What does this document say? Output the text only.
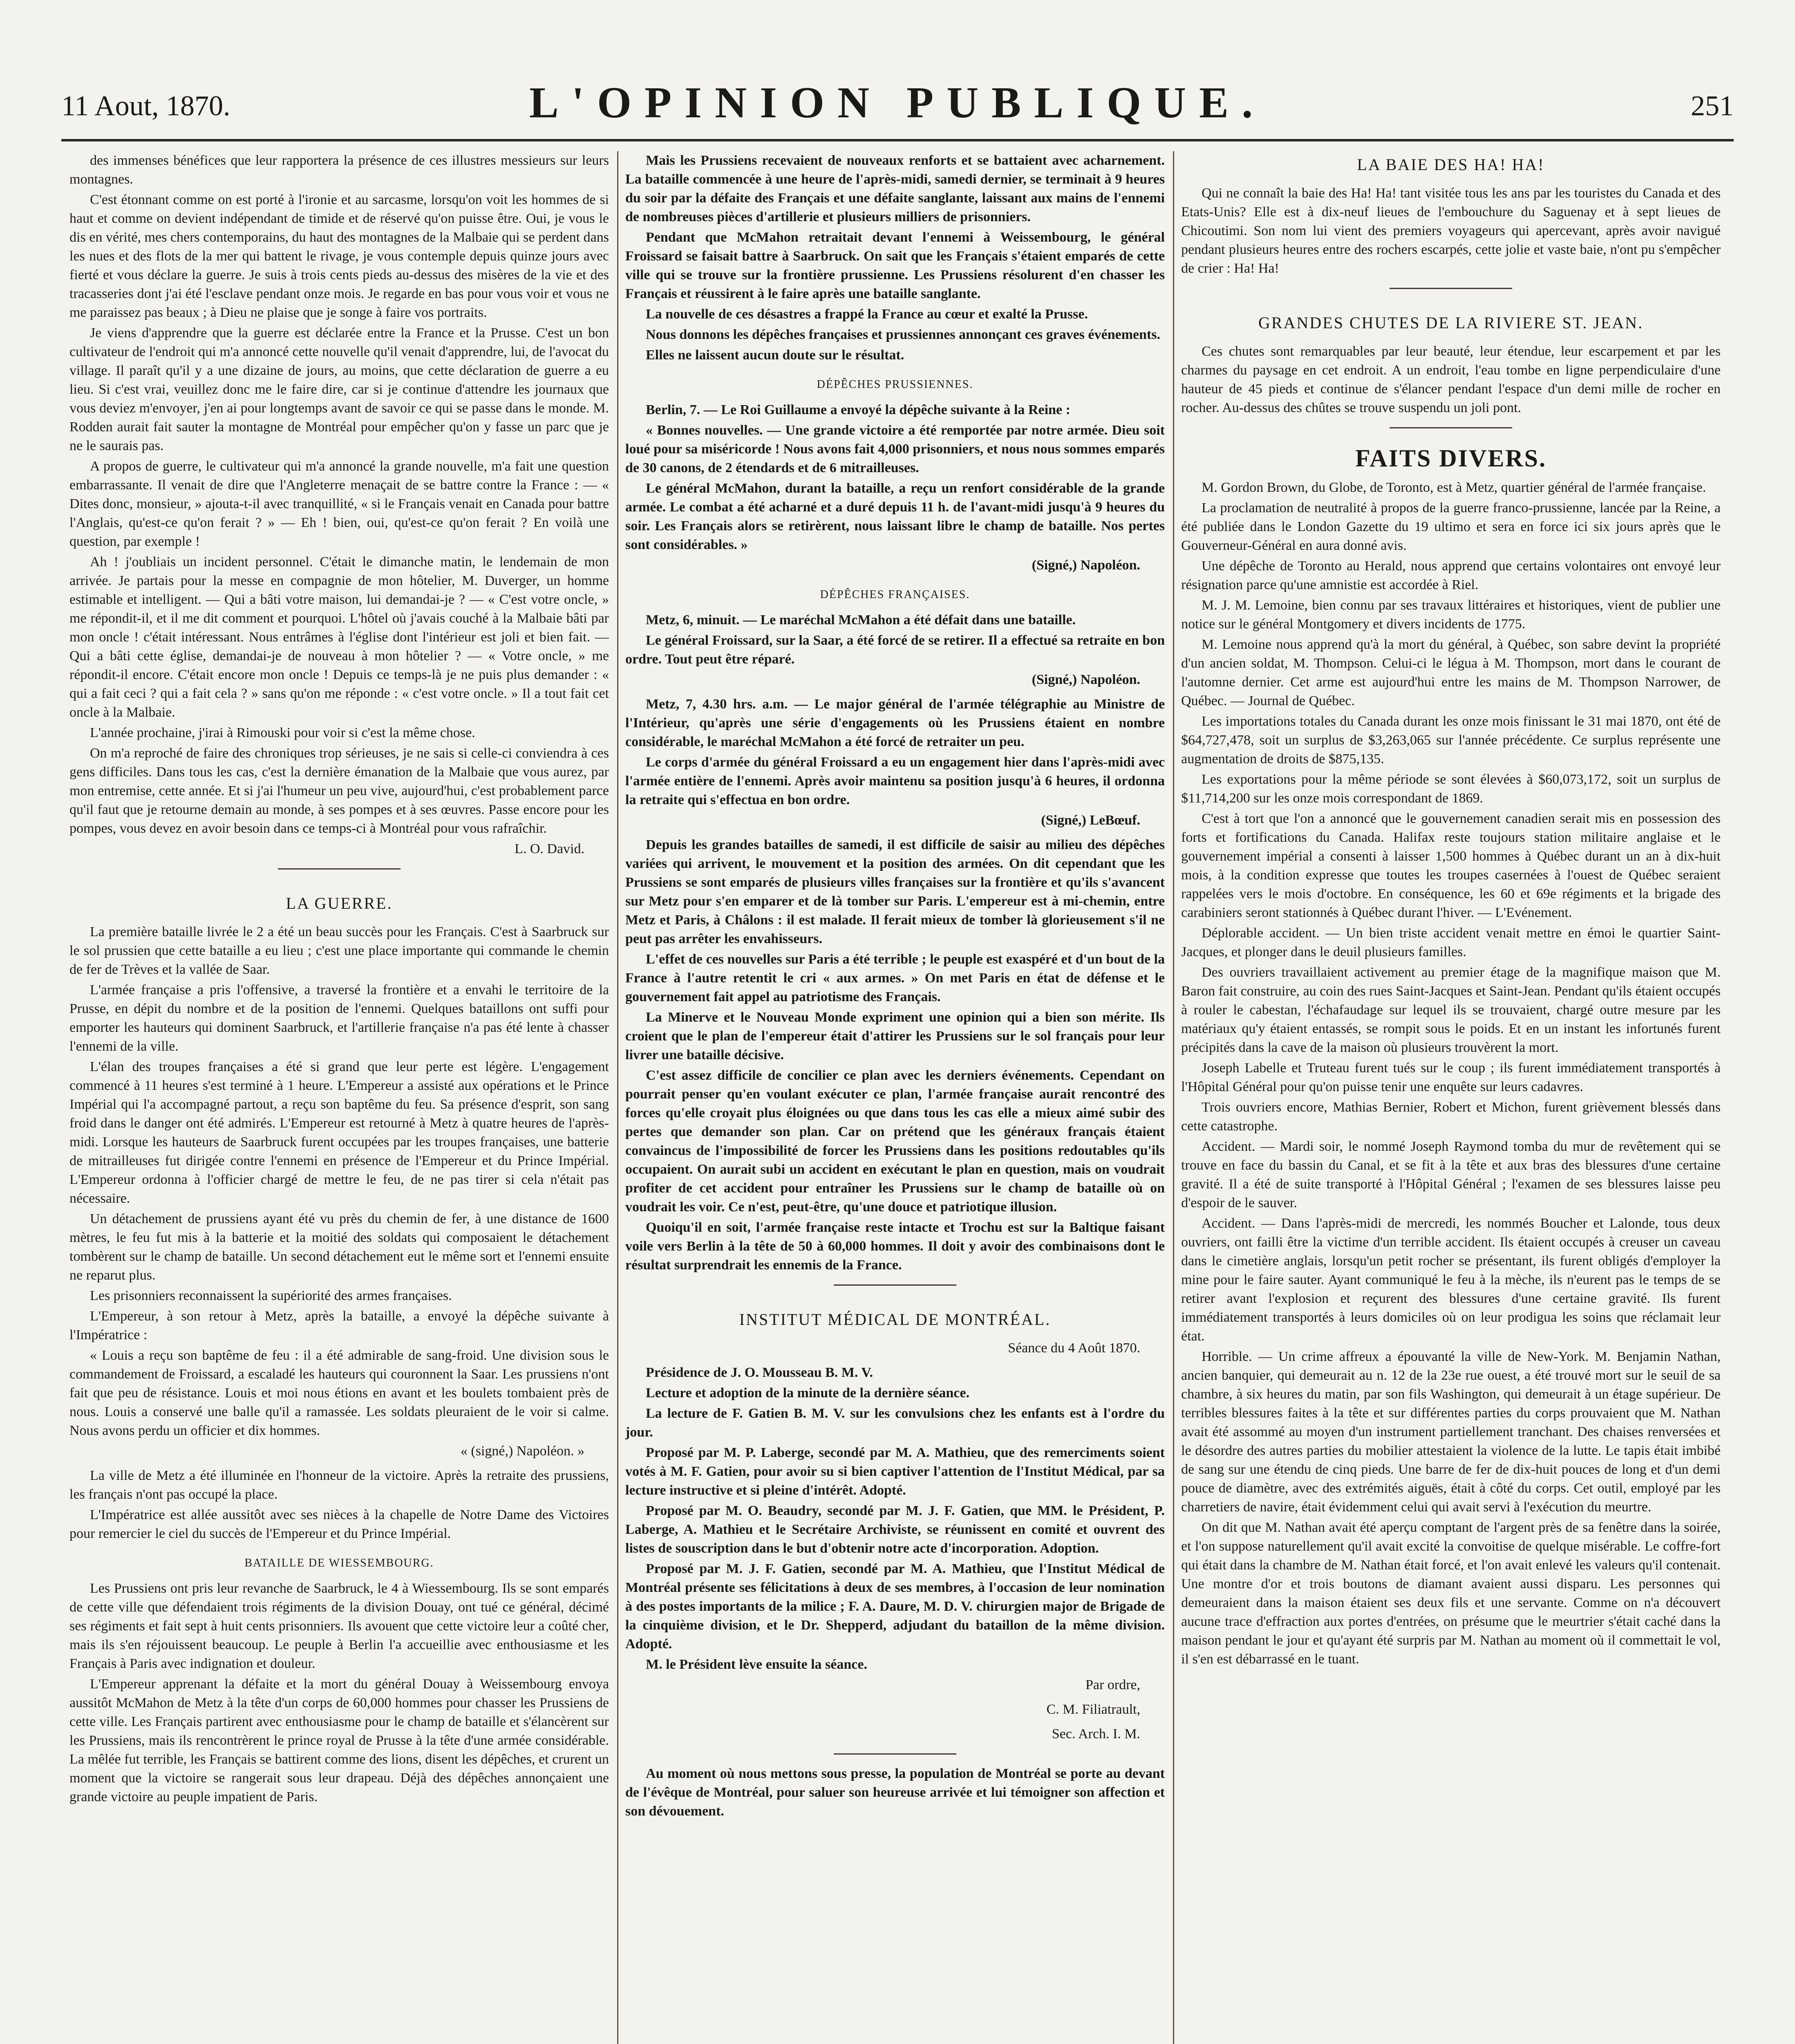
11 Aout, 1870.	L'OPINION PUBLIQUE.	251

des immenses bénéfices que leur rapportera la présence de ces illustres messieurs sur leurs montagnes.

C'est étonnant comme on est porté à l'ironie et au sarcasme, lorsqu'on voit les hommes de si haut et comme on devient indépendant de timide et de réservé qu'on puisse être. Oui, je vous le dis en vérité, mes chers contemporains, du haut des montagnes de la Malbaie qui se perdent dans les nues et des flots de la mer qui battent le rivage, je vous contemple depuis quinze jours avec fierté et vous déclare la guerre. Je suis à trois cents pieds au-dessus des misères de la vie et des tracasseries dont j'ai été l'esclave pendant onze mois. Je regarde en bas pour vous voir et vous ne me paraissez pas beaux ; à Dieu ne plaise que je songe à faire vos portraits.

Je viens d'apprendre que la guerre est déclarée entre la France et la Prusse. C'est un bon cultivateur de l'endroit qui m'a annoncé cette nouvelle qu'il venait d'apprendre, lui, de l'avocat du village. Il paraît qu'il y a une dizaine de jours, au moins, que cette déclaration de guerre a eu lieu. Si c'est vrai, veuillez donc me le faire dire, car si je continue d'attendre les journaux que vous deviez m'envoyer, j'en ai pour longtemps avant de savoir ce qui se passe dans le monde. M. Rodden aurait fait sauter la montagne de Montréal pour empêcher qu'on y fasse un parc que je ne le saurais pas.

A propos de guerre, le cultivateur qui m'a annoncé la grande nouvelle, m'a fait une question embarrassante. Il venait de dire que l'Angleterre menaçait de se battre contre la France : — « Dites donc, monsieur, » ajouta-t-il avec tranquillité, « si le Français venait en Canada pour battre l'Anglais, qu'est-ce qu'on ferait ? » — Eh ! bien, oui, qu'est-ce qu'on ferait ? En voilà une question, par exemple !

Ah ! j'oubliais un incident personnel. C'était le dimanche matin, le lendemain de mon arrivée. Je partais pour la messe en compagnie de mon hôtelier, M. Duverger, un homme estimable et intelligent. — Qui a bâti votre maison, lui demandai-je ? — « C'est votre oncle, » me répondit-il, et il me dit comment et pourquoi. L'hôtel où j'avais couché à la Malbaie bâti par mon oncle ! c'était intéressant. Nous entrâmes à l'église dont l'intérieur est joli et bien fait. — Qui a bâti cette église, demandai-je de nouveau à mon hôtelier ? — « Votre oncle, » me répondit-il encore. C'était encore mon oncle ! Depuis ce temps-là je ne puis plus demander : « qui a fait ceci ? qui a fait cela ? » sans qu'on me réponde : « c'est votre oncle. » Il a tout fait cet oncle à la Malbaie.

L'année prochaine, j'irai à Rimouski pour voir si c'est la même chose.

On m'a reproché de faire des chroniques trop sérieuses, je ne sais si celle-ci conviendra à ces gens difficiles. Dans tous les cas, c'est la dernière émanation de la Malbaie que vous aurez, par mon entremise, cette année. Et si j'ai l'humeur un peu vive, aujourd'hui, c'est probablement parce qu'il faut que je retourne demain au monde, à ses pompes et à ses œuvres. Passe encore pour les pompes, vous devez en avoir besoin dans ce temps-ci à Montréal pour vous rafraîchir.

L. O. David.

LA GUERRE.

La première bataille livrée le 2 a été un beau succès pour les Français. C'est à Saarbruck sur le sol prussien que cette bataille a eu lieu ; c'est une place importante qui commande le chemin de fer de Trèves et la vallée de Saar.

L'armée française a pris l'offensive, a traversé la frontière et a envahi le territoire de la Prusse, en dépit du nombre et de la position de l'ennemi. Quelques bataillons ont suffi pour emporter les hauteurs qui dominent Saarbruck, et l'artillerie française n'a pas été lente à chasser l'ennemi de la ville.

L'élan des troupes françaises a été si grand que leur perte est légère. L'engagement commencé à 11 heures s'est terminé à 1 heure. L'Empereur a assisté aux opérations et le Prince Impérial qui l'a accompagné partout, a reçu son baptême du feu. Sa présence d'esprit, son sang froid dans le danger ont été admirés. L'Empereur est retourné à Metz à quatre heures de l'après-midi. Lorsque les hauteurs de Saarbruck furent occupées par les troupes françaises, une batterie de mitrailleuses fut dirigée contre l'ennemi en présence de l'Empereur et du Prince Impérial. L'Empereur ordonna à l'officier chargé de mettre le feu, de ne pas tirer si cela n'était pas nécessaire.

Un détachement de prussiens ayant été vu près du chemin de fer, à une distance de 1600 mètres, le feu fut mis à la batterie et la moitié des soldats qui composaient le détachement tombèrent sur le champ de bataille. Un second détachement eut le même sort et l'ennemi ensuite ne reparut plus.

Les prisonniers reconnaissent la supériorité des armes françaises.

L'Empereur, à son retour à Metz, après la bataille, a envoyé la dépêche suivante à l'Impératrice :

« Louis a reçu son baptême de feu : il a été admirable de sang-froid. Une division sous le commandement de Froissard, a escaladé les hauteurs qui couronnent la Saar. Les prussiens n'ont fait que peu de résistance. Louis et moi nous étions en avant et les boulets tombaient près de nous. Louis a conservé une balle qu'il a ramassée. Les soldats pleuraient de le voir si calme. Nous avons perdu un officier et dix hommes.

« (signé,) Napoléon. »

La ville de Metz a été illuminée en l'honneur de la victoire. Après la retraite des prussiens, les français n'ont pas occupé la place.

L'Impératrice est allée aussitôt avec ses nièces à la chapelle de Notre Dame des Victoires pour remercier le ciel du succès de l'Empereur et du Prince Impérial.

BATAILLE DE WIESSEMBOURG.

Les Prussiens ont pris leur revanche de Saarbruck, le 4 à Wiessembourg. Ils se sont emparés de cette ville que défendaient trois régiments de la division Douay, ont tué ce général, décimé ses régiments et fait sept à huit cents prisonniers. Ils avouent que cette victoire leur a coûté cher, mais ils s'en réjouissent beaucoup. Le peuple à Berlin l'a accueillie avec enthousiasme et les Français à Paris avec indignation et douleur.

L'Empereur apprenant la défaite et la mort du général Douay à Weissembourg envoya aussitôt McMahon de Metz à la tête d'un corps de 60,000 hommes pour chasser les Prussiens de cette ville. Les Français partirent avec enthousiasme pour le champ de bataille et s'élancèrent sur les Prussiens, mais ils rencontrèrent le prince royal de Prusse à la tête d'une armée considérable. La mêlée fut terrible, les Français se battirent comme des lions, disent les dépêches, et crurent un moment que la victoire se rangerait sous leur drapeau. Déjà des dépêches annonçaient une grande victoire au peuple impatient de Paris.

Mais les Prussiens recevaient de nouveaux renforts et se battaient avec acharnement. La bataille commencée à une heure de l'après-midi, samedi dernier, se terminait à 9 heures du soir par la défaite des Français et une défaite sanglante, laissant aux mains de l'ennemi de nombreuses pièces d'artillerie et plusieurs milliers de prisonniers.

Pendant que McMahon retraitait devant l'ennemi à Weissembourg, le général Froissard se faisait battre à Saarbruck. On sait que les Français s'étaient emparés de cette ville qui se trouve sur la frontière prussienne. Les Prussiens résolurent d'en chasser les Français et réussirent à le faire après une bataille sanglante.

La nouvelle de ces désastres a frappé la France au cœur et exalté la Prusse.

Nous donnons les dépêches françaises et prussiennes annonçant ces graves événements.

Elles ne laissent aucun doute sur le résultat.

DÉPÊCHES PRUSSIENNES.

Berlin, 7. — Le Roi Guillaume a envoyé la dépêche suivante à la Reine :

« Bonnes nouvelles. — Une grande victoire a été remportée par notre armée. Dieu soit loué pour sa miséricorde ! Nous avons fait 4,000 prisonniers, et nous nous sommes emparés de 30 canons, de 2 étendards et de 6 mitrailleuses.

Le général McMahon, durant la bataille, a reçu un renfort considérable de la grande armée. Le combat a été acharné et a duré depuis 11 h. de l'avant-midi jusqu'à 9 heures du soir. Les Français alors se retirèrent, nous laissant libre le champ de bataille. Nos pertes sont considérables. »

(Signé,) Napoléon.

DÉPÊCHES FRANÇAISES.

Metz, 6, minuit. — Le maréchal McMahon a été défait dans une bataille.

Le général Froissard, sur la Saar, a été forcé de se retirer. Il a effectué sa retraite en bon ordre. Tout peut être réparé.

(Signé,) Napoléon.

Metz, 7, 4.30 hrs. a.m. — Le major général de l'armée télégraphie au Ministre de l'Intérieur, qu'après une série d'engagements où les Prussiens étaient en nombre considérable, le maréchal McMahon a été forcé de retraiter un peu.

Le corps d'armée du général Froissard a eu un engagement hier dans l'après-midi avec l'armée entière de l'ennemi. Après avoir maintenu sa position jusqu'à 6 heures, il ordonna la retraite qui s'effectua en bon ordre.

(Signé,) LeBœuf.

Depuis les grandes batailles de samedi, il est difficile de saisir au milieu des dépêches variées qui arrivent, le mouvement et la position des armées. On dit cependant que les Prussiens se sont emparés de plusieurs villes françaises sur la frontière et qu'ils s'avancent sur Metz pour s'en emparer et de là tomber sur Paris. L'empereur est à mi-chemin, entre Metz et Paris, à Châlons : il est malade. Il ferait mieux de tomber là glorieusement s'il ne peut pas arrêter les envahisseurs.

L'effet de ces nouvelles sur Paris a été terrible ; le peuple est exaspéré et d'un bout de la France à l'autre retentit le cri « aux armes. » On met Paris en état de défense et le gouvernement fait appel au patriotisme des Français.

La Minerve et le Nouveau Monde expriment une opinion qui a bien son mérite. Ils croient que le plan de l'empereur était d'attirer les Prussiens sur le sol français pour leur livrer une bataille décisive.

C'est assez difficile de concilier ce plan avec les derniers événements. Cependant on pourrait penser qu'en voulant exécuter ce plan, l'armée française aurait rencontré des forces qu'elle croyait plus éloignées ou que dans tous les cas elle a mieux aimé subir des pertes que demander son plan. Car on prétend que les généraux français étaient convaincus de l'impossibilité de forcer les Prussiens dans les positions redoutables qu'ils occupaient. On aurait subi un accident en exécutant le plan en question, mais on voudrait profiter de cet accident pour entraîner les Prussiens sur le champ de bataille où on voudrait les voir. Ce n'est, peut-être, qu'une douce et patriotique illusion.

Quoiqu'il en soit, l'armée française reste intacte et Trochu est sur la Baltique faisant voile vers Berlin à la tête de 50 à 60,000 hommes. Il doit y avoir des combinaisons dont le résultat surprendrait les ennemis de la France.

INSTITUT MÉDICAL DE MONTRÉAL.

Séance du 4 Août 1870.

Présidence de J. O. Mousseau B. M. V.

Lecture et adoption de la minute de la dernière séance.

La lecture de F. Gatien B. M. V. sur les convulsions chez les enfants est à l'ordre du jour.

Proposé par M. P. Laberge, secondé par M. A. Mathieu, que des remerciments soient votés à M. F. Gatien, pour avoir su si bien captiver l'attention de l'Institut Médical, par sa lecture instructive et si pleine d'intérêt. Adopté.

Proposé par M. O. Beaudry, secondé par M. J. F. Gatien, que MM. le Président, P. Laberge, A. Mathieu et le Secrétaire Archiviste, se réunissent en comité et ouvrent des listes de souscription dans le but d'obtenir notre acte d'incorporation. Adoption.

Proposé par M. J. F. Gatien, secondé par M. A. Mathieu, que l'Institut Médical de Montréal présente ses félicitations à deux de ses membres, à l'occasion de leur nomination à des postes importants de la milice ; F. A. Daure, M. D. V. chirurgien major de Brigade de la cinquième division, et le Dr. Shepperd, adjudant du bataillon de la même division. Adopté.

M. le Président lève ensuite la séance.

Par ordre,

C. M. Filiatrault,

Sec. Arch. I. M.

Au moment où nous mettons sous presse, la population de Montréal se porte au devant de l'évêque de Montréal, pour saluer son heureuse arrivée et lui témoigner son affection et son dévouement.

LA BAIE DES HA! HA!

Qui ne connaît la baie des Ha! Ha! tant visitée tous les ans par les touristes du Canada et des Etats-Unis? Elle est à dix-neuf lieues de l'embouchure du Saguenay et à sept lieues de Chicoutimi. Son nom lui vient des premiers voyageurs qui apercevant, après avoir navigué pendant plusieurs heures entre des rochers escarpés, cette jolie et vaste baie, n'ont pu s'empêcher de crier : Ha! Ha!

GRANDES CHUTES DE LA RIVIERE ST. JEAN.

Ces chutes sont remarquables par leur beauté, leur étendue, leur escarpement et par les charmes du paysage en cet endroit. A un endroit, l'eau tombe en ligne perpendiculaire d'une hauteur de 45 pieds et continue de s'élancer pendant l'espace d'un demi mille de rocher en rocher. Au-dessus des chûtes se trouve suspendu un joli pont.

FAITS DIVERS.

M. Gordon Brown, du Globe, de Toronto, est à Metz, quartier général de l'armée française.

La proclamation de neutralité à propos de la guerre franco-prussienne, lancée par la Reine, a été publiée dans le London Gazette du 19 ultimo et sera en force ici six jours après que le Gouverneur-Général en aura donné avis.

Une dépêche de Toronto au Herald, nous apprend que certains volontaires ont envoyé leur résignation parce qu'une amnistie est accordée à Riel.

M. J. M. Lemoine, bien connu par ses travaux littéraires et historiques, vient de publier une notice sur le général Montgomery et divers incidents de 1775.

M. Lemoine nous apprend qu'à la mort du général, à Québec, son sabre devint la propriété d'un ancien soldat, M. Thompson. Celui-ci le légua à M. Thompson, mort dans le courant de l'automne dernier. Cet arme est aujourd'hui entre les mains de M. Thompson Narrower, de Québec. — Journal de Québec.

Les importations totales du Canada durant les onze mois finissant le 31 mai 1870, ont été de $64,727,478, soit un surplus de $3,263,065 sur l'année précédente. Ce surplus représente une augmentation de droits de $875,135.

Les exportations pour la même période se sont élevées à $60,073,172, soit un surplus de $11,714,200 sur les onze mois correspondant de 1869.

C'est à tort que l'on a annoncé que le gouvernement canadien serait mis en possession des forts et fortifications du Canada. Halifax reste toujours station militaire anglaise et le gouvernement impérial a consenti à laisser 1,500 hommes à Québec durant un an à dix-huit mois, à la condition expresse que toutes les troupes casernées à l'ouest de Québec seraient rappelées vers le mois d'octobre. En conséquence, les 60 et 69e régiments et la brigade des carabiniers seront stationnés à Québec durant l'hiver. — L'Evénement.

Déplorable accident. — Un bien triste accident venait mettre en émoi le quartier Saint-Jacques, et plonger dans le deuil plusieurs familles.

Des ouvriers travaillaient activement au premier étage de la magnifique maison que M. Baron fait construire, au coin des rues Saint-Jacques et Saint-Jean. Pendant qu'ils étaient occupés à rouler le cabestan, l'échafaudage sur lequel ils se trouvaient, chargé outre mesure par les matériaux qu'y étaient entassés, se rompit sous le poids. Et en un instant les infortunés furent précipités dans la cave de la maison où plusieurs trouvèrent la mort.

Joseph Labelle et Truteau furent tués sur le coup ; ils furent immédiatement transportés à l'Hôpital Général pour qu'on puisse tenir une enquête sur leurs cadavres.

Trois ouvriers encore, Mathias Bernier, Robert et Michon, furent grièvement blessés dans cette catastrophe.

Accident. — Mardi soir, le nommé Joseph Raymond tomba du mur de revêtement qui se trouve en face du bassin du Canal, et se fit à la tête et aux bras des blessures d'une certaine gravité. Il a été de suite transporté à l'Hôpital Général ; l'examen de ses blessures laisse peu d'espoir de le sauver.

Accident. — Dans l'après-midi de mercredi, les nommés Boucher et Lalonde, tous deux ouvriers, ont failli être la victime d'un terrible accident. Ils étaient occupés à creuser un caveau dans le cimetière anglais, lorsqu'un petit rocher se présentant, ils furent obligés d'employer la mine pour le faire sauter. Ayant communiqué le feu à la mèche, ils n'eurent pas le temps de se retirer avant l'explosion et reçurent des blessures d'une certaine gravité. Ils furent immédiatement transportés à leurs domiciles où on leur prodigua les soins que réclamait leur état.

Horrible. — Un crime affreux a épouvanté la ville de New-York. M. Benjamin Nathan, ancien banquier, qui demeurait au n. 12 de la 23e rue ouest, a été trouvé mort sur le seuil de sa chambre, à six heures du matin, par son fils Washington, qui demeurait à un étage supérieur. De terribles blessures faites à la tête et sur différentes parties du corps prouvaient que M. Nathan avait été assommé au moyen d'un instrument partiellement tranchant. Des chaises renversées et le désordre des autres parties du mobilier attestaient la violence de la lutte. Le tapis était imbibé de sang sur une étendu de cinq pieds. Une barre de fer de dix-huit pouces de long et d'un demi pouce de diamètre, avec des extrémités aiguës, était à côté du corps. Cet outil, employé par les charretiers de navire, était évidemment celui qui avait servi à l'exécution du meurtre.

On dit que M. Nathan avait été aperçu comptant de l'argent près de sa fenêtre dans la soirée, et l'on suppose naturellement qu'il avait excité la convoitise de quelque misérable. Le coffre-fort qui était dans la chambre de M. Nathan était forcé, et l'on avait enlevé les valeurs qu'il contenait. Une montre d'or et trois boutons de diamant avaient aussi disparu. Les personnes qui demeuraient dans la maison étaient ses deux fils et une servante. Comme on n'a découvert aucune trace d'effraction aux portes d'entrées, on présume que le meurtrier s'était caché dans la maison pendant le jour et qu'ayant été surpris par M. Nathan au moment où il commettait le vol, il s'en est débarrassé en le tuant.
